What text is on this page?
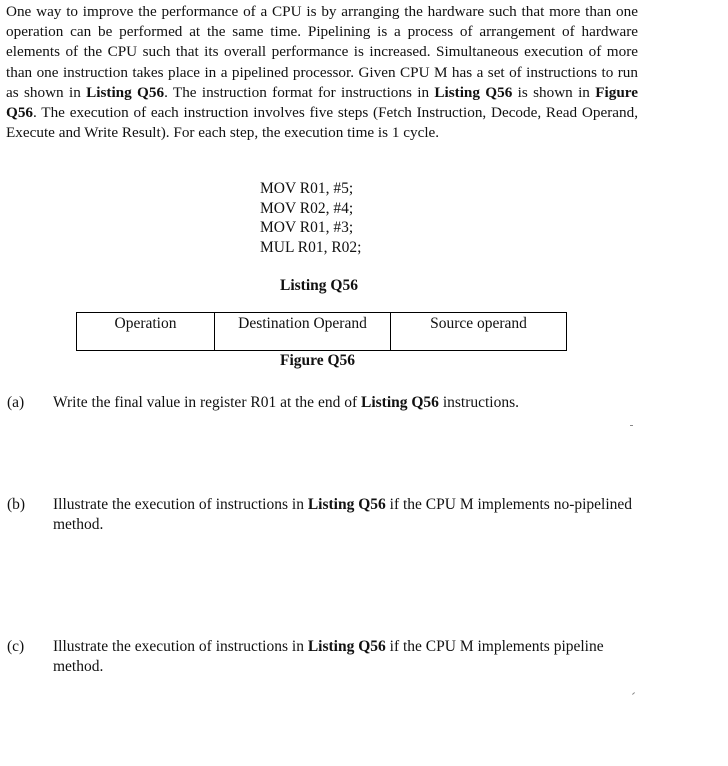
One way to improve the performance of a CPU is by arranging the hardware such that more than one operation can be performed at the same time. Pipelining is a process of arrangement of hardware elements of the CPU such that its overall performance is increased. Simultaneous execution of more than one instruction takes place in a pipelined processor. Given CPU M has a set of instructions to run as shown in Listing Q56. The instruction format for instructions in Listing Q56 is shown in Figure Q56. The execution of each instruction involves five steps (Fetch Instruction, Decode, Read Operand, Execute and Write Result). For each step, the execution time is 1 cycle.

MOV R01, #5;
MOV R02, #4;
MOV R01, #3;
MUL R01, R02;
Listing Q56
Operation	Destination Operand	Source operand
Figure Q56
(a) Write the final value in register R01 at the end of Listing Q56 instructions.
(b) Illustrate the execution of instructions in Listing Q56 if the CPU M implements no-pipelined method.
(c) Illustrate the execution of instructions in Listing Q56 if the CPU M implements pipeline method.
